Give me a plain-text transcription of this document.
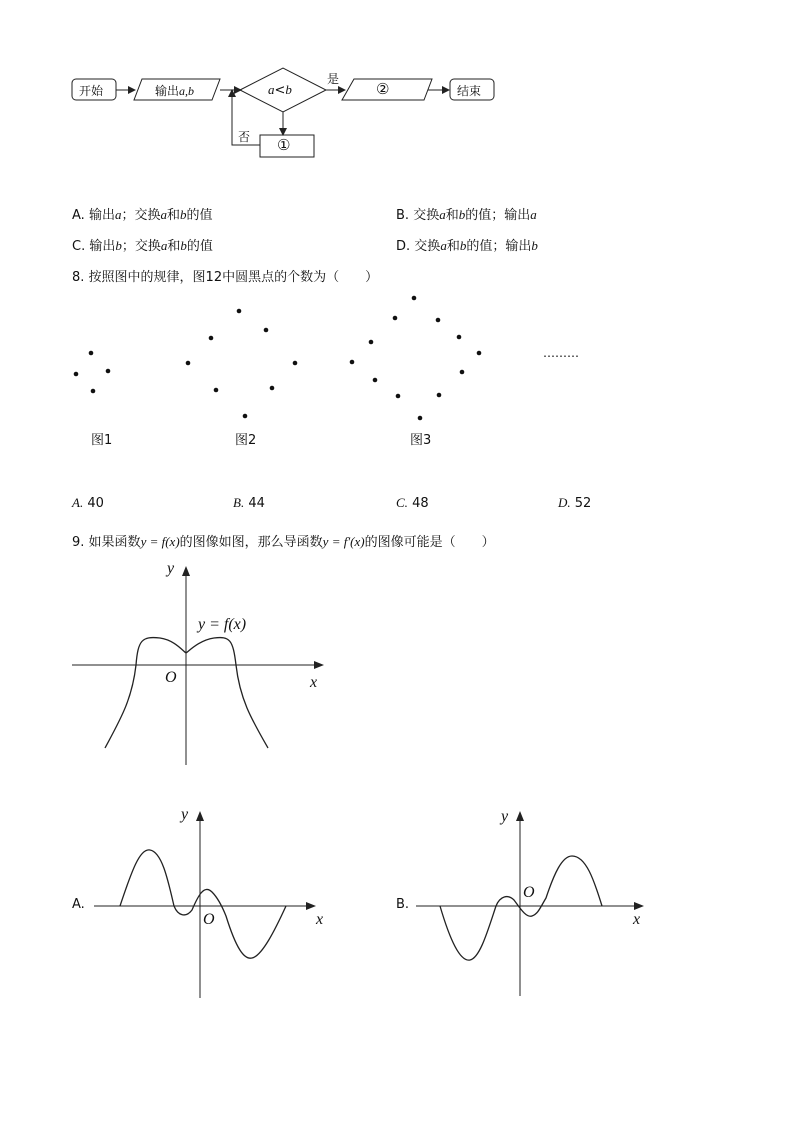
开始	输出a,b	a<b
是
②	结束
否 ①
A. 输出a；交换a和b的值	B. 交换a和b的值；输出a
C. 输出b；交换a和b的值	D. 交换a和b的值；输出b
8. 按照图中的规律，图12中圆黑点的个数为（　　）
………
图1	图2	图3
A. 40	B. 44	C. 48	D. 52
9. 如果函数y = f(x)的图像如图，那么导函数y = f′(x)的图像可能是（　　）
y
x
O
y = f(x)
A.
y
x
O
B.
y
x
O
